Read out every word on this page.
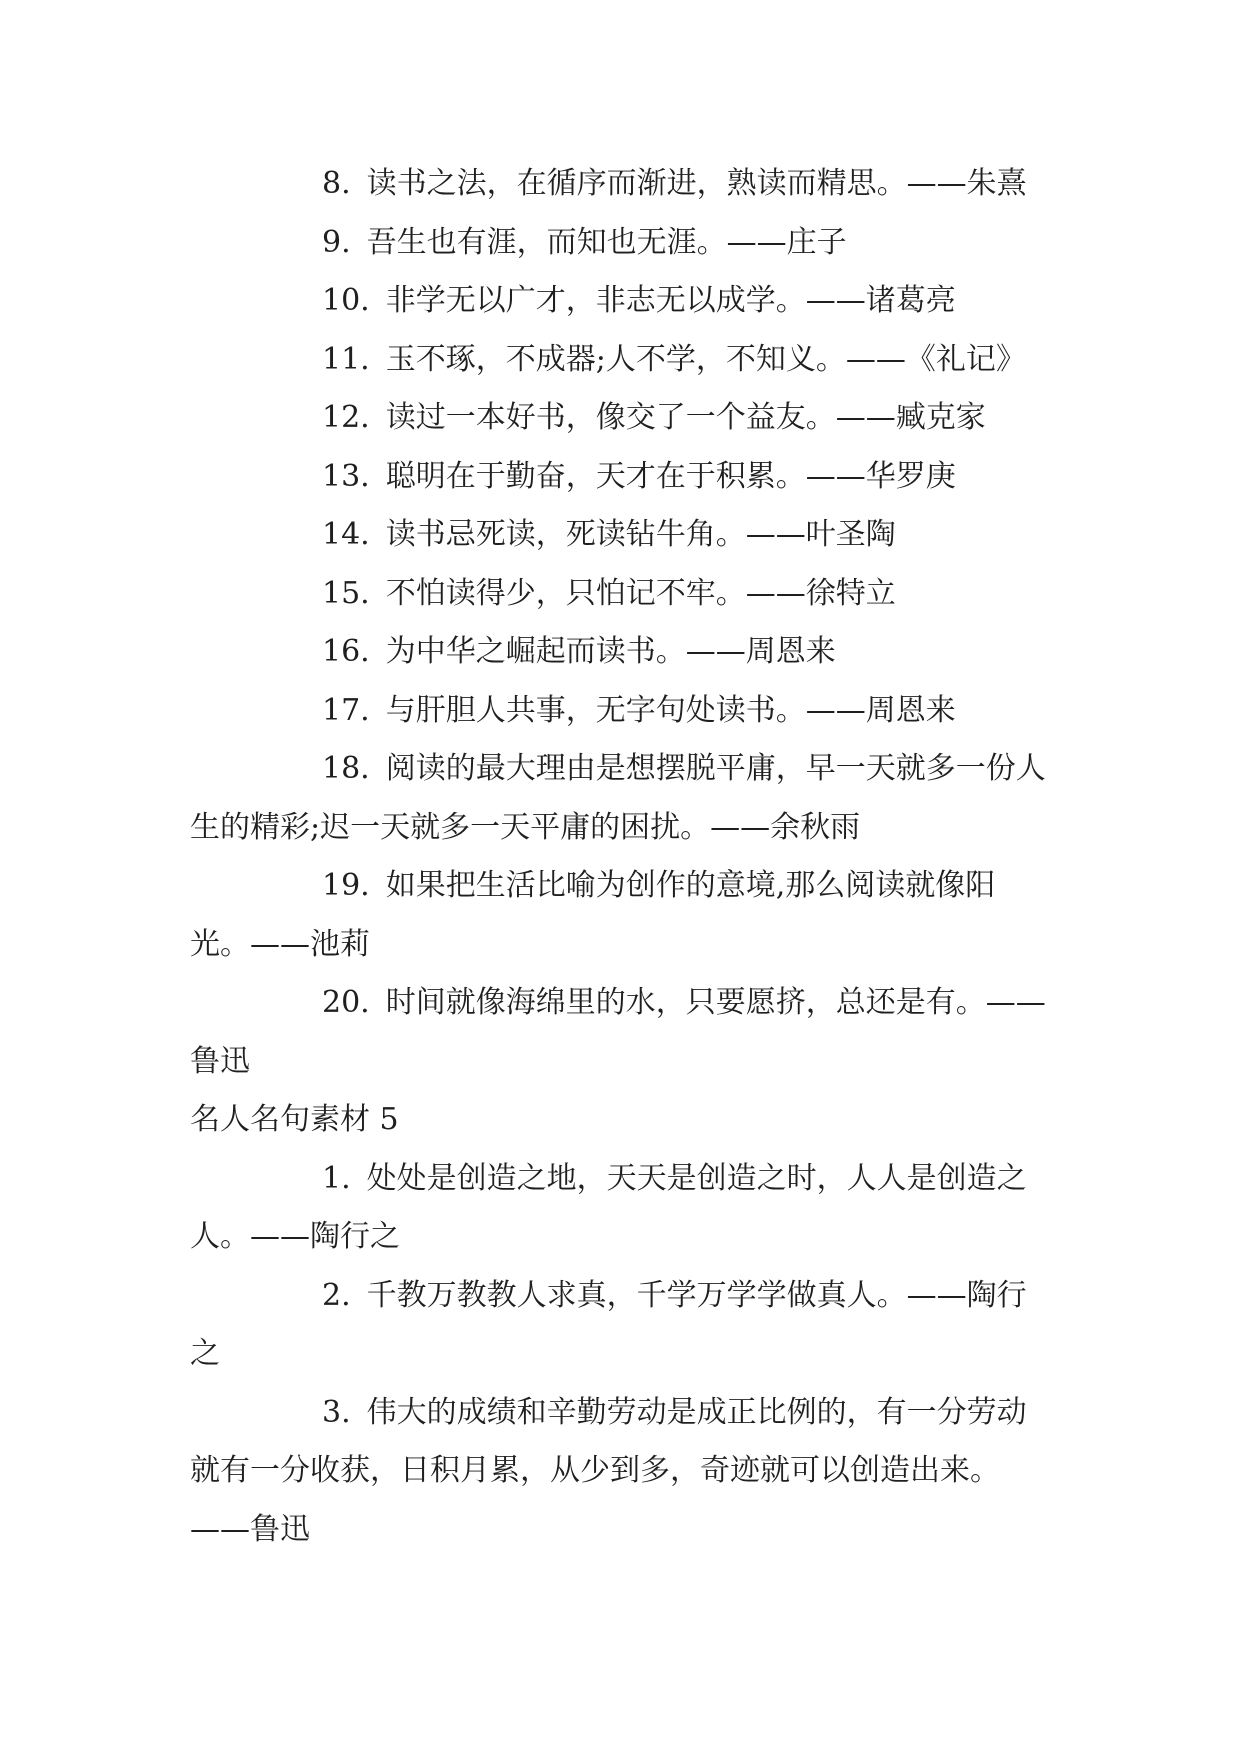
8. 读书之法，在循序而渐进，熟读而精思。——朱熹

9. 吾生也有涯，而知也无涯。——庄子

10. 非学无以广才，非志无以成学。——诸葛亮

11. 玉不琢，不成器;人不学，不知义。——《礼记》

12. 读过一本好书，像交了一个益友。——臧克家

13. 聪明在于勤奋，天才在于积累。——华罗庚

14. 读书忌死读，死读钻牛角。——叶圣陶

15. 不怕读得少，只怕记不牢。——徐特立

16. 为中华之崛起而读书。——周恩来

17. 与肝胆人共事，无字句处读书。——周恩来

18. 阅读的最大理由是想摆脱平庸，早一天就多一份人生的精彩;迟一天就多一天平庸的困扰。——余秋雨

19. 如果把生活比喻为创作的意境,那么阅读就像阳光。——池莉

20. 时间就像海绵里的水，只要愿挤，总还是有。——鲁迅

名人名句素材 5

1. 处处是创造之地，天天是创造之时，人人是创造之人。——陶行之

2. 千教万教教人求真，千学万学学做真人。——陶行之

3. 伟大的成绩和辛勤劳动是成正比例的，有一分劳动就有一分收获，日积月累，从少到多，奇迹就可以创造出来。——鲁迅
